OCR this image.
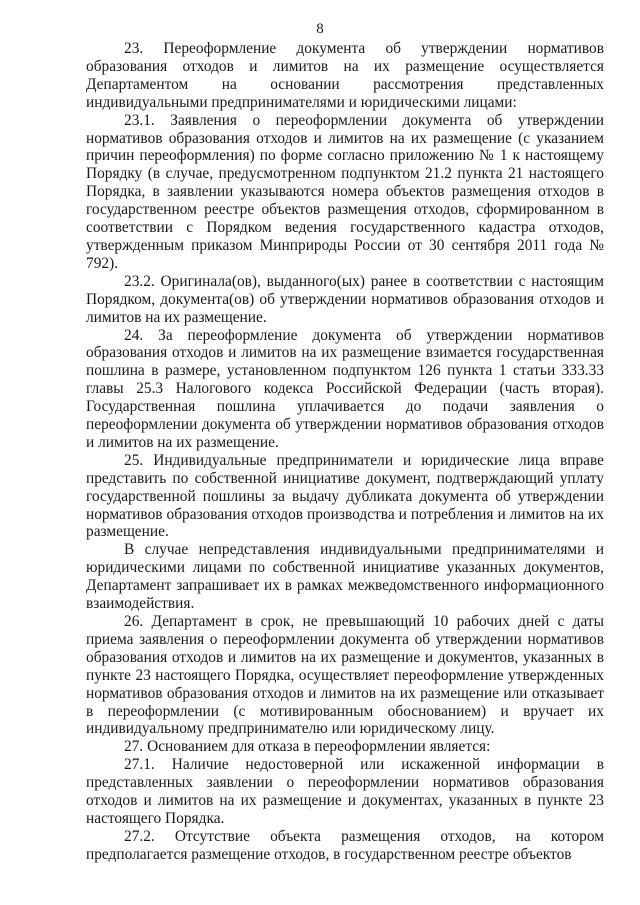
8

23. Переоформление документа об утверждении нормативов образования отходов и лимитов на их размещение осуществляется Департаментом на основании рассмотрения представленных индивидуальными предпринимателями и юридическими лицами:

23.1. Заявления о переоформлении документа об утверждении нормативов образования отходов и лимитов на их размещение (с указанием причин переоформления) по форме согласно приложению № 1 к настоящему Порядку (в случае, предусмотренном подпунктом 21.2 пункта 21 настоящего Порядка, в заявлении указываются номера объектов размещения отходов в государственном реестре объектов размещения отходов, сформированном в соответствии с Порядком ведения государственного кадастра отходов, утвержденным приказом Минприроды России от 30 сентября 2011 года № 792).

23.2. Оригинала(ов), выданного(ых) ранее в соответствии с настоящим Порядком, документа(ов) об утверждении нормативов образования отходов и лимитов на их размещение.

24. За переоформление документа об утверждении нормативов образования отходов и лимитов на их размещение взимается государственная пошлина в размере, установленном подпунктом 126 пункта 1 статьи 333.33 главы 25.3 Налогового кодекса Российской Федерации (часть вторая). Государственная пошлина уплачивается до подачи заявления о переоформлении документа об утверждении нормативов образования отходов и лимитов на их размещение.

25. Индивидуальные предприниматели и юридические лица вправе представить по собственной инициативе документ, подтверждающий уплату государственной пошлины за выдачу дубликата документа об утверждении нормативов образования отходов производства и потребления и лимитов на их размещение.

В случае непредставления индивидуальными предпринимателями и юридическими лицами по собственной инициативе указанных документов, Департамент запрашивает их в рамках межведомственного информационного взаимодействия.

26. Департамент в срок, не превышающий 10 рабочих дней с даты приема заявления о переоформлении документа об утверждении нормативов образования отходов и лимитов на их размещение и документов, указанных в пункте 23 настоящего Порядка, осуществляет переоформление утвержденных нормативов образования отходов и лимитов на их размещение или отказывает в переоформлении (с мотивированным обоснованием) и вручает их индивидуальному предпринимателю или юридическому лицу.

27. Основанием для отказа в переоформлении является:

27.1. Наличие недостоверной или искаженной информации в представленных заявлении о переоформлении нормативов образования отходов и лимитов на их размещение и документах, указанных в пункте 23 настоящего Порядка.

27.2. Отсутствие объекта размещения отходов, на котором предполагается размещение отходов, в государственном реестре объектов
